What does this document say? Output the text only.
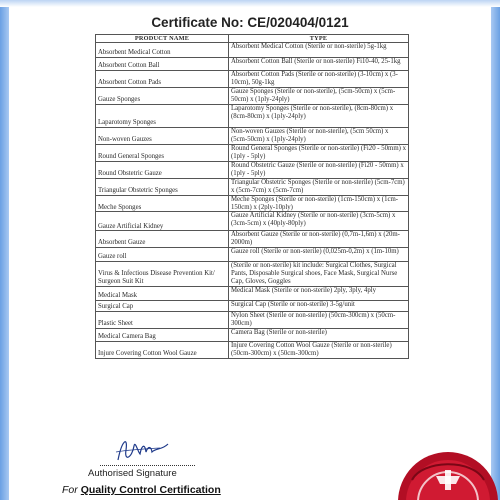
Certificate No: CE/020404/0121
PRODUCT NAME	TYPE
Absorbent Medical Cotton	Absorbent Medical Cotton (Sterile or non-sterile) 5g-1kg
Absorbent Cotton Ball	Absorbent Cotton Ball (Sterile or non-sterile) Fi10-40, 25-1kg
Absorbent Cotton Pads	Absorbent Cotton Pads (Sterile or non-sterile) (3-10cm) x (3-10cm), 50g-1kg
Gauze Sponges	Gauze Sponges (Sterile or non-sterile), (5cm-50cm) x (5cm-50cm) x (1ply-24ply)
Laparotomy Sponges	Laparotomy Sponges (Sterile or non-sterile), (8cm-80cm) x (8cm-80cm) x (1ply-24ply)
Non-woven Gauzes	Non-woven Gauzes (Sterile or non-sterile), (5cm 50cm) x (5cm-50cm) x (1ply-24ply)
Round General Sponges	Round General Sponges (Sterile or non-sterile) (Fi20 - 50mm) x (1ply - 5ply)
Round Obstetric Gauze	Round Obstetric Gauze (Sterile or non-sterile) (Fi20 - 50mm) x (1ply - 5ply)
Triangular Obstetric Sponges	Triangular Obstetric Sponges (Sterile or non-sterile) (5cm-7cm) x (5cm-7cm) x (5cm-7cm)
Meche Sponges	Meche Sponges (Sterile or non-sterile) (1cm-150cm) x (1cm-150cm) x (2ply-10ply)
Gauze Artificial Kidney	Gauze Artificial Kidney (Sterile or non-sterile) (3cm-5cm) x (3cm-5cm) x (40ply-80ply)
Absorbent Gauze	Absorbent Gauze (Sterile or non-sterile) (0,7m-1,6m) x (20m-2000m)
Gauze roll	Gauze roll (Sterile or non-sterile) (0,025m-0,2m) x (1m-10m)
Virus & Infectious Disease Prevention Kit/ Surgeon Suit Kit	(Sterile or non-sterile) kit include: Surgical Clothes, Surgical Pants, Disposable Surgical shoes, Face Mask, Surgical Nurse Cap, Gloves, Goggles
Medical Mask	Medical Mask (Sterile or non-sterile) 2ply, 3ply, 4ply
Surgical Cap	Surgical Cap (Sterile or non-sterile) 3-5g/unit
Plastic Sheet	Nylon Sheet (Sterile or non-sterile) (50cm-300cm) x (50cm-300cm)
Medical Camera Bag	Camera Bag (Sterile or non-sterile)
Injure Covering Cotton Wool Gauze	Injure Covering Cotton Wool Gauze (Sterile or non-sterile) (50cm-300cm) x (50cm-300cm)
Authorised Signature
For Quality Control Certification
